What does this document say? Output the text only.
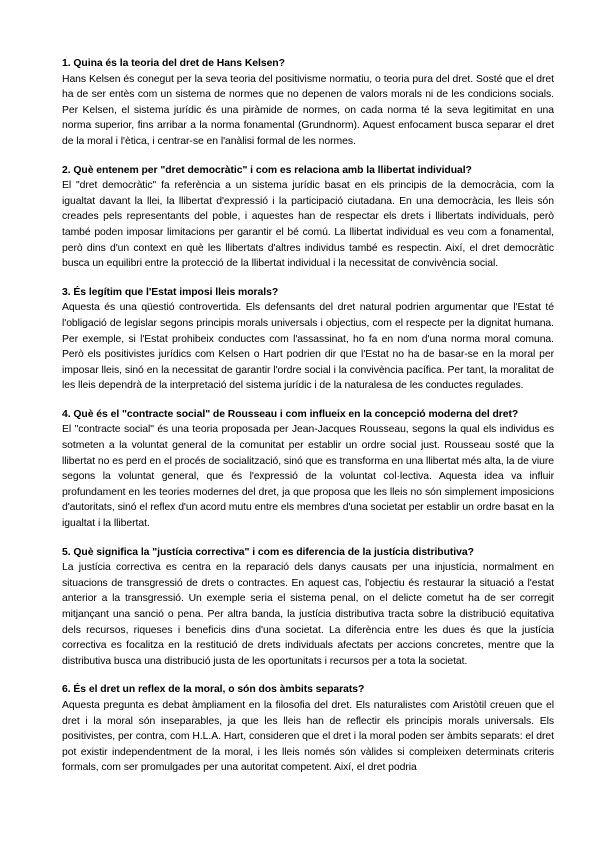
1. Quina és la teoria del dret de Hans Kelsen?

Hans Kelsen és conegut per la seva teoria del positivisme normatiu, o teoria pura del dret. Sosté que el dret ha de ser entès com un sistema de normes que no depenen de valors morals ni de les condicions socials. Per Kelsen, el sistema jurídic és una piràmide de normes, on cada norma té la seva legitimitat en una norma superior, fins arribar a la norma fonamental (Grundnorm). Aquest enfocament busca separar el dret de la moral i l'ètica, i centrar-se en l'anàlisi formal de les normes.

2. Què entenem per "dret democràtic" i com es relaciona amb la llibertat individual?

El "dret democràtic" fa referència a un sistema jurídic basat en els principis de la democràcia, com la igualtat davant la llei, la llibertat d'expressió i la participació ciutadana. En una democràcia, les lleis són creades pels representants del poble, i aquestes han de respectar els drets i llibertats individuals, però també poden imposar limitacions per garantir el bé comú. La llibertat individual es veu com a fonamental, però dins d'un context en què les llibertats d'altres individus també es respectin. Així, el dret democràtic busca un equilibri entre la protecció de la llibertat individual i la necessitat de convivència social.

3. És legítim que l'Estat imposi lleis morals?

Aquesta és una qüestió controvertida. Els defensants del dret natural podrien argumentar que l'Estat té l'obligació de legislar segons principis morals universals i objectius, com el respecte per la dignitat humana. Per exemple, si l'Estat prohibeix conductes com l'assassinat, ho fa en nom d'una norma moral comuna. Però els positivistes jurídics com Kelsen o Hart podrien dir que l'Estat no ha de basar-se en la moral per imposar lleis, sinó en la necessitat de garantir l'ordre social i la convivència pacífica. Per tant, la moralitat de les lleis dependrà de la interpretació del sistema jurídic i de la naturalesa de les conductes regulades.

4. Què és el "contracte social" de Rousseau i com influeix en la concepció moderna del dret?

El "contracte social" és una teoria proposada per Jean-Jacques Rousseau, segons la qual els individus es sotmeten a la voluntat general de la comunitat per establir un ordre social just. Rousseau sosté que la llibertat no es perd en el procés de socialització, sinó que es transforma en una llibertat més alta, la de viure segons la voluntat general, que és l'expressió de la voluntat col·lectiva. Aquesta idea va influir profundament en les teories modernes del dret, ja que proposa que les lleis no són simplement imposicions d'autoritats, sinó el reflex d'un acord mutu entre els membres d'una societat per establir un ordre basat en la igualtat i la llibertat.

5. Què significa la "justícia correctiva" i com es diferencia de la justícia distributiva?

La justícia correctiva es centra en la reparació dels danys causats per una injustícia, normalment en situacions de transgressió de drets o contractes. En aquest cas, l'objectiu és restaurar la situació a l'estat anterior a la transgressió. Un exemple seria el sistema penal, on el delicte cometut ha de ser corregit mitjançant una sanció o pena. Per altra banda, la justícia distributiva tracta sobre la distribució equitativa dels recursos, riqueses i beneficis dins d'una societat. La diferència entre les dues és que la justícia correctiva es focalitza en la restitució de drets individuals afectats per accions concretes, mentre que la distributiva busca una distribució justa de les oportunitats i recursos per a tota la societat.

6. És el dret un reflex de la moral, o són dos àmbits separats?

Aquesta pregunta es debat àmpliament en la filosofia del dret. Els naturalistes com Aristòtil creuen que el dret i la moral són inseparables, ja que les lleis han de reflectir els principis morals universals. Els positivistes, per contra, com H.L.A. Hart, consideren que el dret i la moral poden ser àmbits separats: el dret pot existir independentment de la moral, i les lleis només són vàlides si compleixen determinats criteris formals, com ser promulgades per una autoritat competent. Així, el dret podria
